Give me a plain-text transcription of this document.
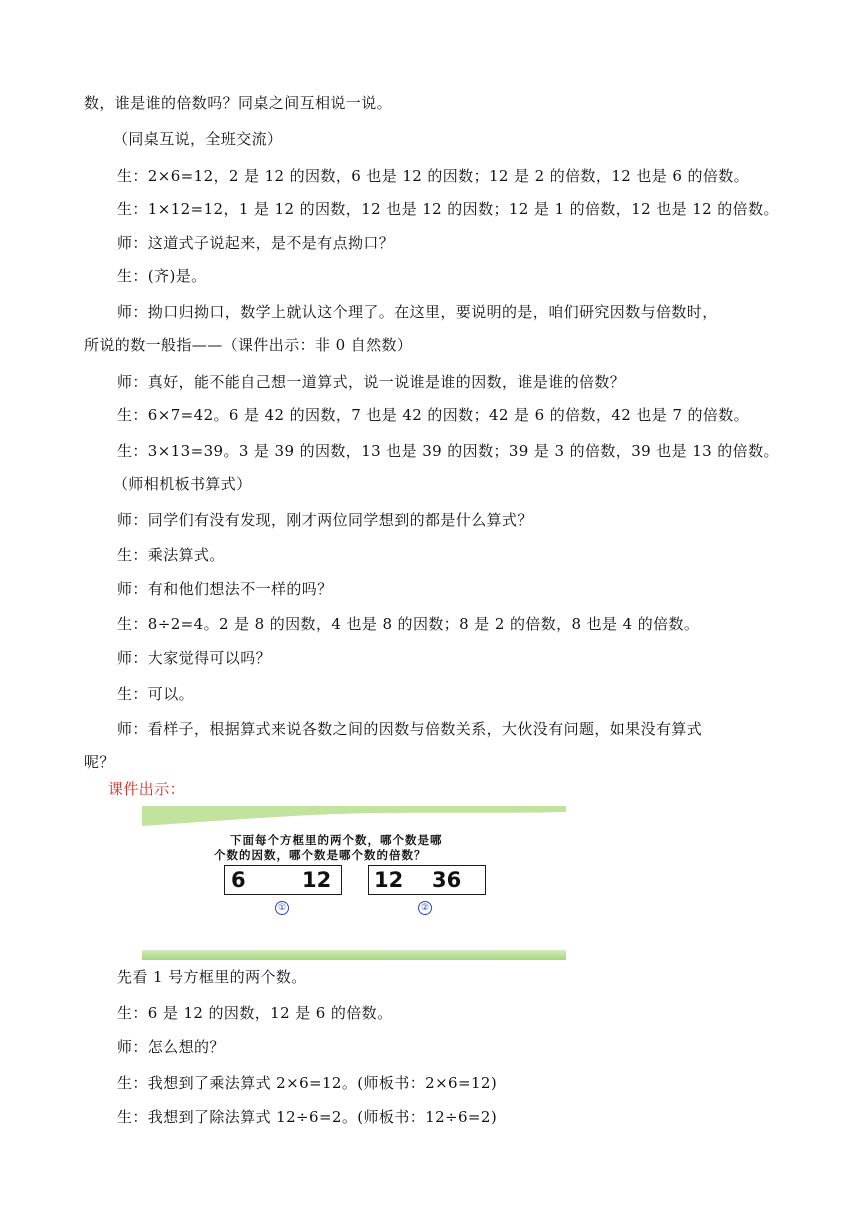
数，谁是谁的倍数吗？同桌之间互相说一说。
（同桌互说，全班交流）
生：2×6=12，2 是 12 的因数，6 也是 12 的因数；12 是 2 的倍数，12 也是 6 的倍数。
生：1×12=12，1 是 12 的因数，12 也是 12 的因数；12 是 1 的倍数，12 也是 12 的倍数。
师：这道式子说起来，是不是有点拗口？
生：(齐)是。
师：拗口归拗口，数学上就认这个理了。在这里，要说明的是，咱们研究因数与倍数时，
所说的数一般指——（课件出示：非 0 自然数）
师：真好，能不能自己想一道算式，说一说谁是谁的因数，谁是谁的倍数？
生：6×7=42。6 是 42 的因数，7 也是 42 的因数；42 是 6 的倍数，42 也是 7 的倍数。
生：3×13=39。3 是 39 的因数，13 也是 39 的因数；39 是 3 的倍数，39 也是 13 的倍数。
（师相机板书算式）
师：同学们有没有发现，刚才两位同学想到的都是什么算式？
生：乘法算式。
师：有和他们想法不一样的吗？
生：8÷2=4。2 是 8 的因数，4 也是 8 的因数；8 是 2 的倍数，8 也是 4 的倍数。
师：大家觉得可以吗？
生：可以。
师：看样子，根据算式来说各数之间的因数与倍数关系，大伙没有问题，如果没有算式
呢？
课件出示：
下面每个方框里的两个数，哪个数是哪
个数的因数，哪个数是哪个数的倍数？
6	12
①
12 36
②
先看 1 号方框里的两个数。
生：6 是 12 的因数，12 是 6 的倍数。
师：怎么想的？
生：我想到了乘法算式 2×6=12。(师板书：2×6=12)
生：我想到了除法算式 12÷6=2。(师板书：12÷6=2)
